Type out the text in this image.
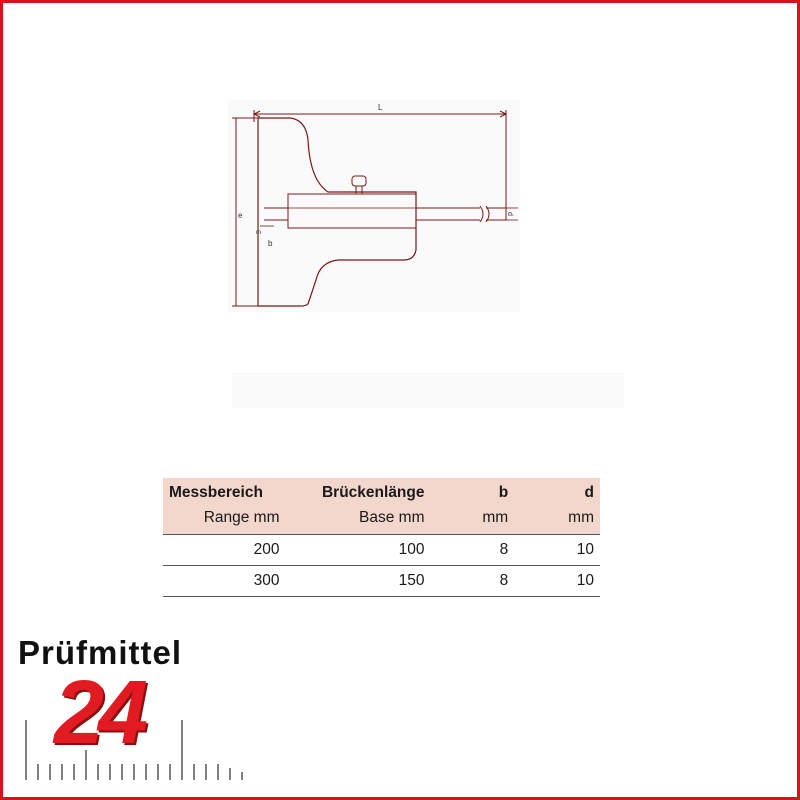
L
e	d
m
b
Messbereich	Brückenlänge	b	d
Range mm	Base mm	mm	mm
200	100	8	10
300	150	8	10
Prüfmittel
24
